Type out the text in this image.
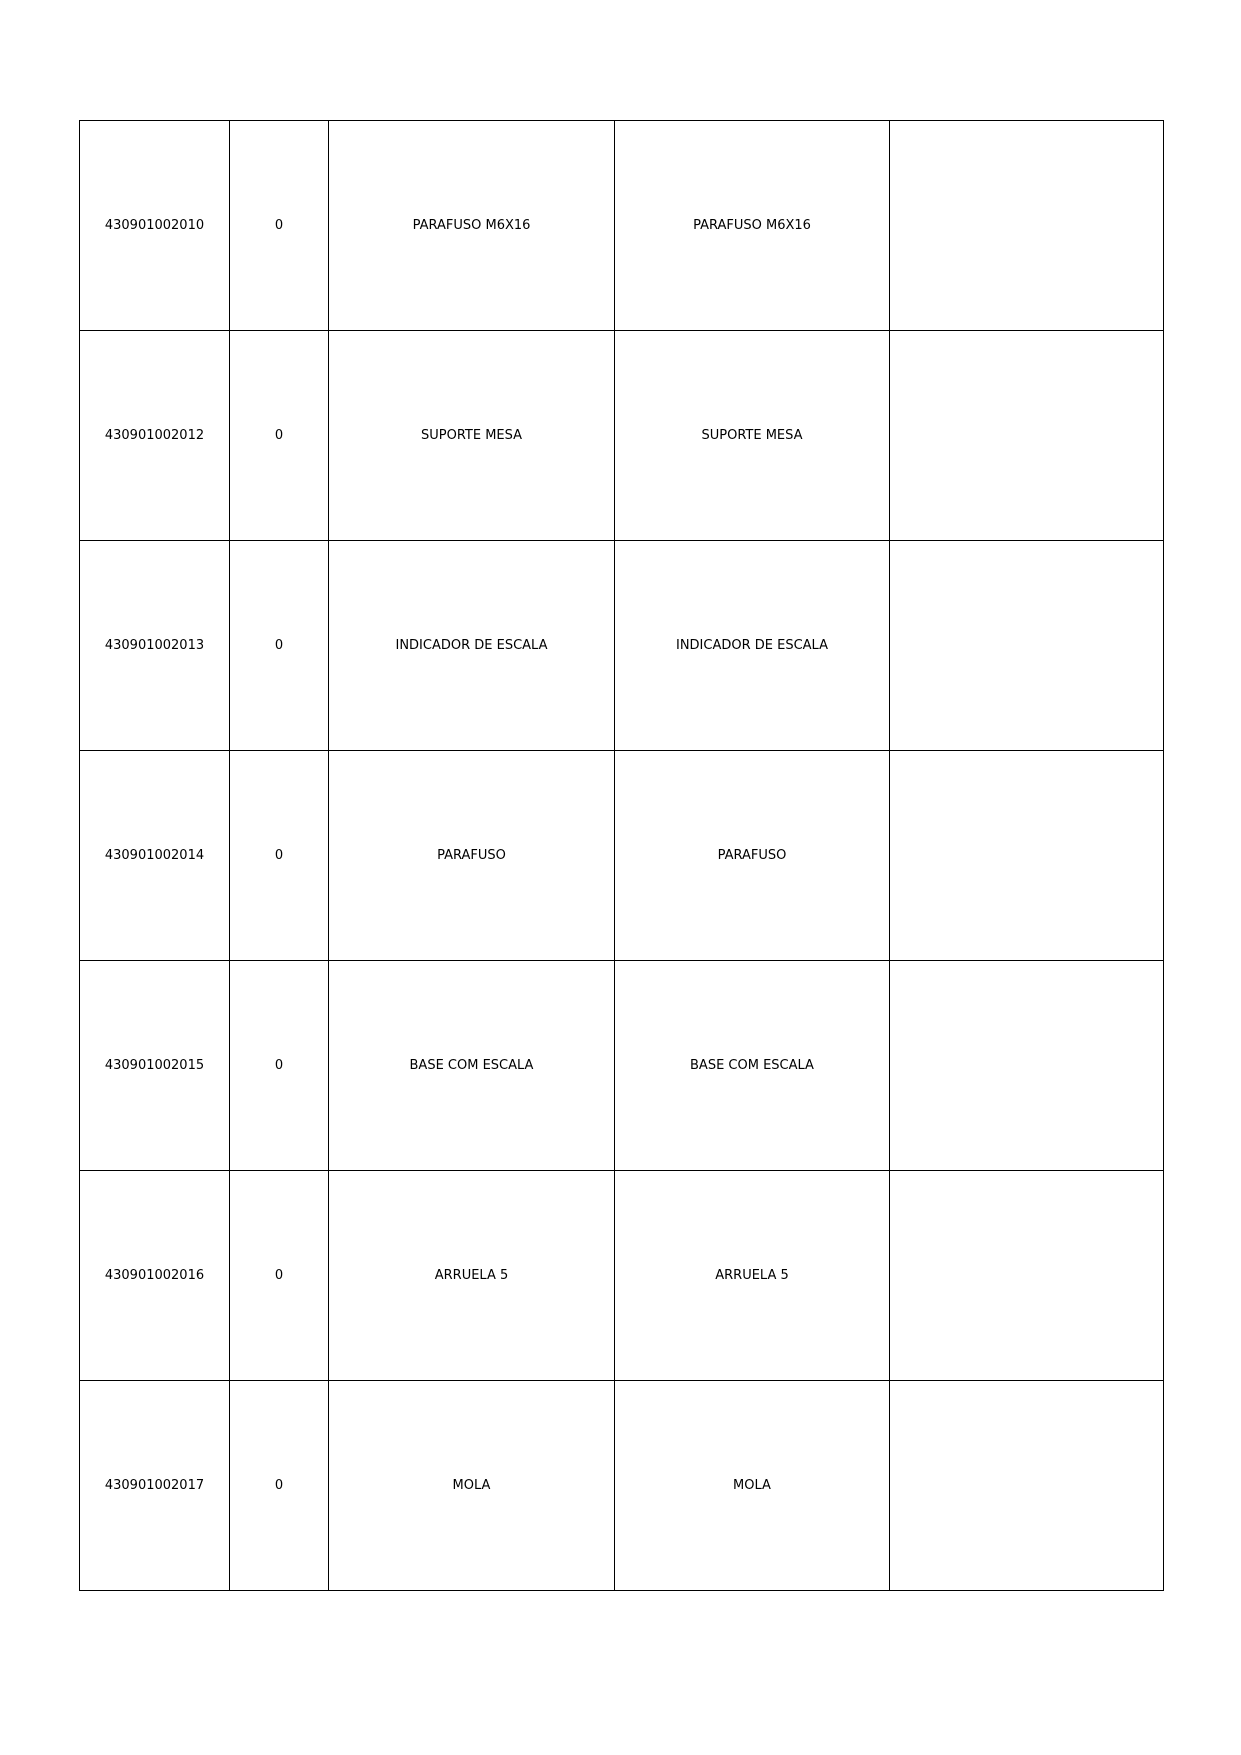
430901002010	0	PARAFUSO M6X16	PARAFUSO M6X16	
430901002012	0	SUPORTE MESA	SUPORTE MESA	
430901002013	0	INDICADOR DE ESCALA	INDICADOR DE ESCALA	
430901002014	0	PARAFUSO	PARAFUSO	
430901002015	0	BASE COM ESCALA	BASE COM ESCALA	
430901002016	0	ARRUELA 5	ARRUELA 5	
430901002017	0	MOLA	MOLA	
